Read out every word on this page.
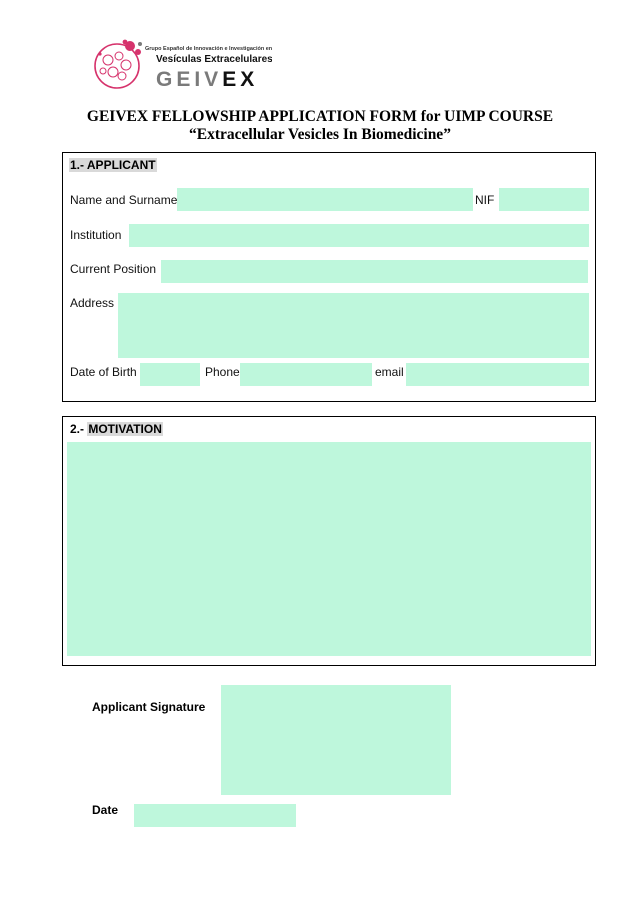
Grupo Español de Innovación e Investigación en
Vesículas Extracelulares
GEIVEX
GEIVEX FELLOWSHIP APPLICATION FORM for UIMP COURSE
“Extracellular Vesicles In Biomedicine”
1.- APPLICANT
Name and Surname	NIF
Institution
Current Position
Address
Date of Birth	Phone	email
2.- MOTIVATION
Applicant Signature
Date
